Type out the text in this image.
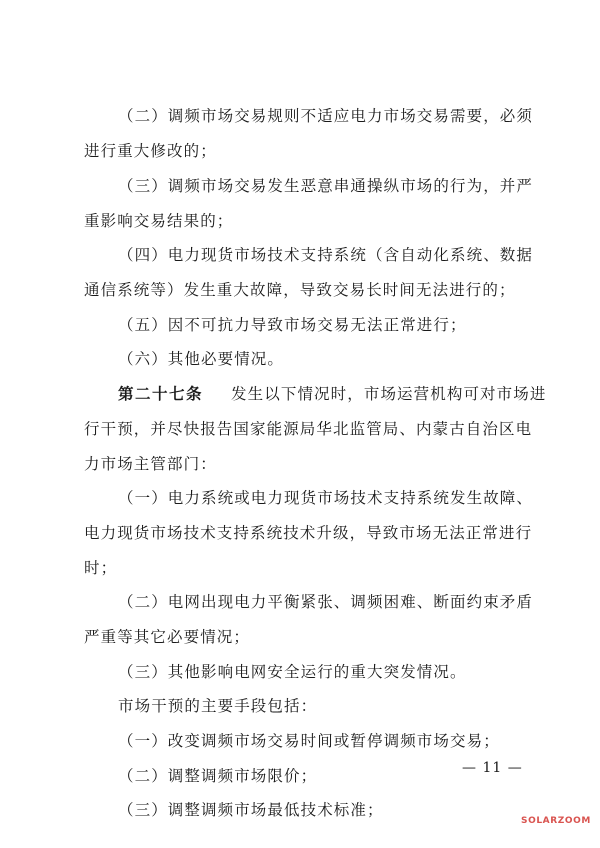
（二）调频市场交易规则不适应电力市场交易需要，必须
进行重大修改的；
（三）调频市场交易发生恶意串通操纵市场的行为，并严
重影响交易结果的；
（四）电力现货市场技术支持系统（含自动化系统、数据
通信系统等）发生重大故障，导致交易长时间无法进行的；
（五）因不可抗力导致市场交易无法正常进行；
（六）其他必要情况。
第二十七条 发生以下情况时，市场运营机构可对市场进
行干预，并尽快报告国家能源局华北监管局、内蒙古自治区电
力市场主管部门：
（一）电力系统或电力现货市场技术支持系统发生故障、
电力现货市场技术支持系统技术升级，导致市场无法正常进行
时；
（二）电网出现电力平衡紧张、调频困难、断面约束矛盾
严重等其它必要情况；
（三）其他影响电网安全运行的重大突发情况。
市场干预的主要手段包括：
（一）改变调频市场交易时间或暂停调频市场交易；
（二）调整调频市场限价；
（三）调整调频市场最低技术标准；
— 11 —
SOLARZOOM
